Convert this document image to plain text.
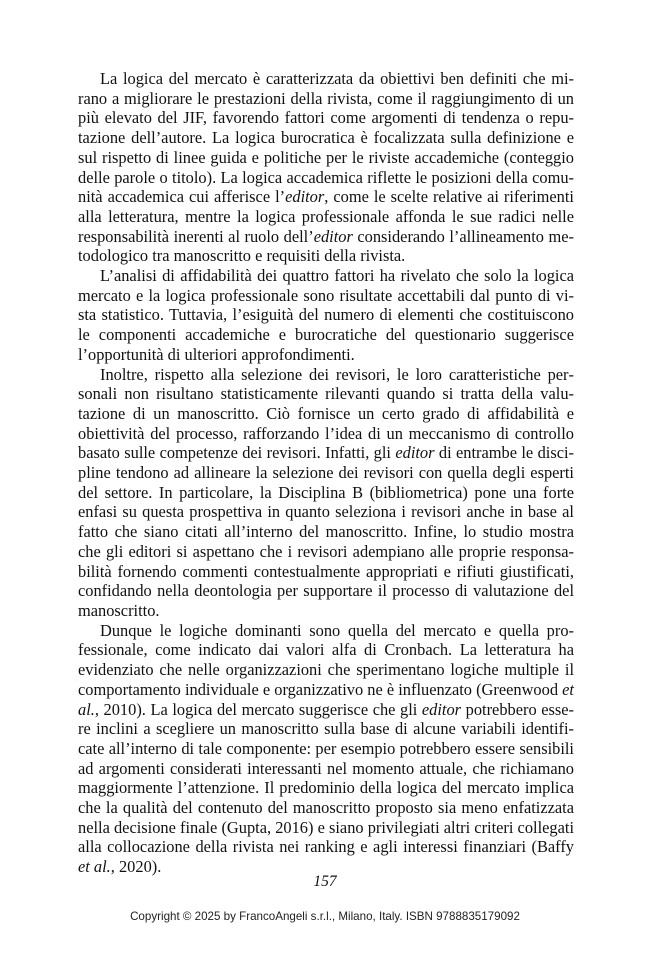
La logica del mercato è caratterizzata da obiettivi ben definiti che mirano a migliorare le prestazioni della rivista, come il raggiungimento di un più elevato del JIF, favorendo fattori come argomenti di tendenza o reputazione dell’autore. La logica burocratica è focalizzata sulla definizione e sul rispetto di linee guida e politiche per le riviste accademiche (conteggio delle parole o titolo). La logica accademica riflette le posizioni della comunità accademica cui afferisce l’editor, come le scelte relative ai riferimenti alla letteratura, mentre la logica professionale affonda le sue radici nelle responsabilità inerenti al ruolo dell’editor considerando l’allineamento metodologico tra manoscritto e requisiti della rivista.

L’analisi di affidabilità dei quattro fattori ha rivelato che solo la logica mercato e la logica professionale sono risultate accettabili dal punto di vista statistico. Tuttavia, l’esiguità del numero di elementi che costituiscono le componenti accademiche e burocratiche del questionario suggerisce l’opportunità di ulteriori approfondimenti.

Inoltre, rispetto alla selezione dei revisori, le loro caratteristiche personali non risultano statisticamente rilevanti quando si tratta della valutazione di un manoscritto. Ciò fornisce un certo grado di affidabilità e obiettività del processo, rafforzando l’idea di un meccanismo di controllo basato sulle competenze dei revisori. Infatti, gli editor di entrambe le discipline tendono ad allineare la selezione dei revisori con quella degli esperti del settore. In particolare, la Disciplina B (bibliometrica) pone una forte enfasi su questa prospettiva in quanto seleziona i revisori anche in base al fatto che siano citati all’interno del manoscritto. Infine, lo studio mostra che gli editori si aspettano che i revisori adempiano alle proprie responsabilità fornendo commenti contestualmente appropriati e rifiuti giustificati, confidando nella deontologia per supportare il processo di valutazione del manoscritto.

Dunque le logiche dominanti sono quella del mercato e quella professionale, come indicato dai valori alfa di Cronbach. La letteratura ha evidenziato che nelle organizzazioni che sperimentano logiche multiple il comportamento individuale e organizzativo ne è influenzato (Greenwood et al., 2010). La logica del mercato suggerisce che gli editor potrebbero essere inclini a scegliere un manoscritto sulla base di alcune variabili identificate all’interno di tale componente: per esempio potrebbero essere sensibili ad argomenti considerati interessanti nel momento attuale, che richiamano maggiormente l’attenzione. Il predominio della logica del mercato implica che la qualità del contenuto del manoscritto proposto sia meno enfatizzata nella decisione finale (Gupta, 2016) e siano privilegiati altri criteri collegati alla collocazione della rivista nei ranking e agli interessi finanziari (Baffy et al., 2020).

157

Copyright © 2025 by FrancoAngeli s.r.l., Milano, Italy. ISBN 9788835179092
